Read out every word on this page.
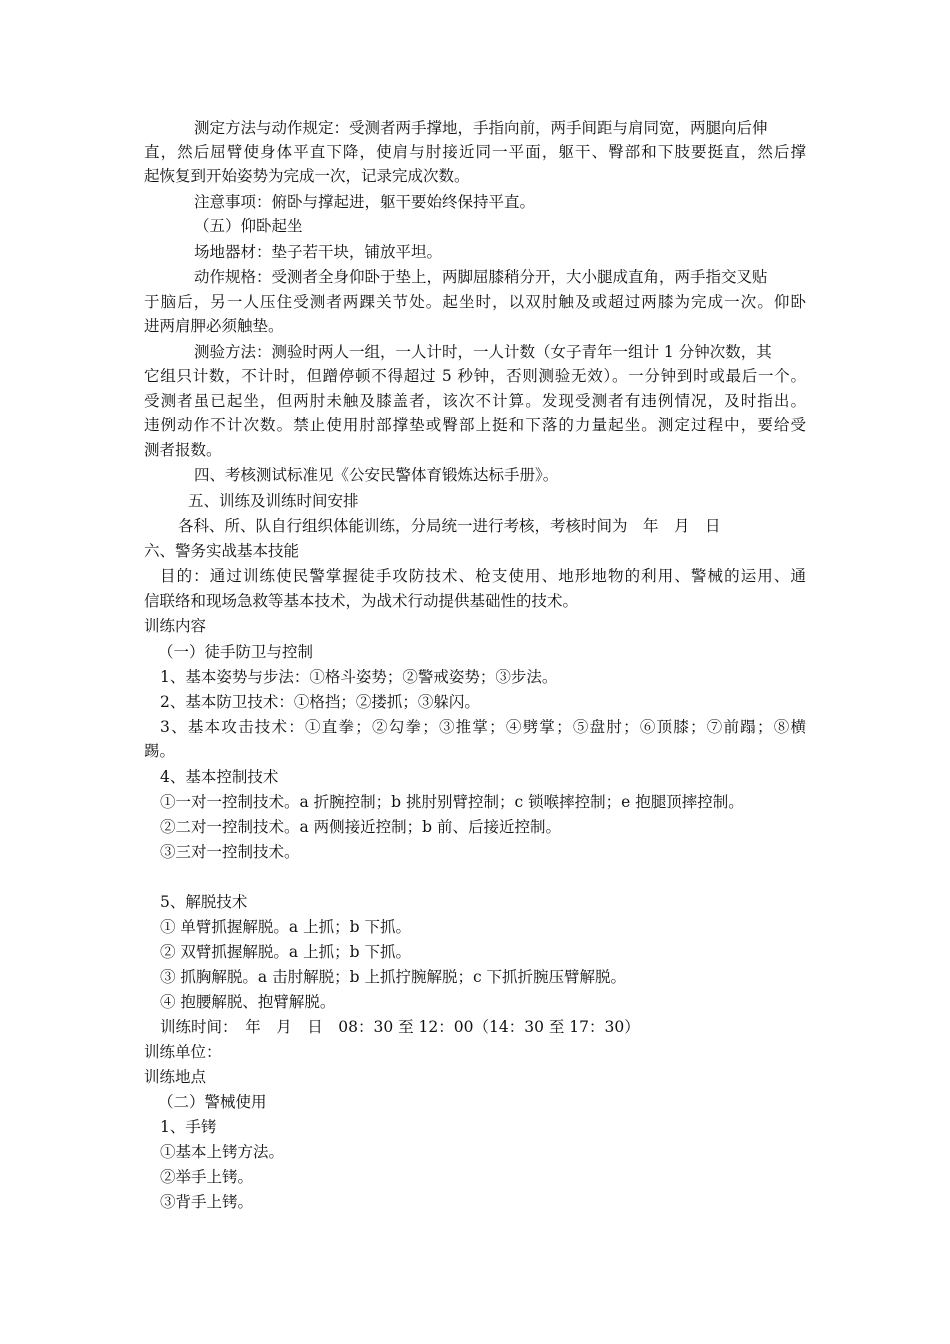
测定方法与动作规定：受测者两手撑地，手指向前，两手间距与肩同宽，两腿向后伸
直，然后屈臂使身体平直下降，使肩与肘接近同一平面，躯干、臀部和下肢要挺直，然后撑
起恢复到开始姿势为完成一次，记录完成次数。
注意事项：俯卧与撑起进，躯干要始终保持平直。
（五）仰卧起坐
场地器材：垫子若干块，铺放平坦。
动作规格：受测者全身仰卧于垫上，两脚屈膝稍分开，大小腿成直角，两手指交叉贴
于脑后，另一人压住受测者两踝关节处。起坐时，以双肘触及或超过两膝为完成一次。仰卧
进两肩胛必须触垫。
测验方法：测验时两人一组，一人计时，一人计数（女子青年一组计 1 分钟次数，其
它组只计数，不计时，但蹭停顿不得超过 5 秒钟，否则测验无效）。一分钟到时或最后一个。
受测者虽已起坐，但两肘未触及膝盖者，该次不计算。发现受测者有违例情况，及时指出。
违例动作不计次数。禁止使用肘部撑垫或臀部上挺和下落的力量起坐。测定过程中，要给受
测者报数。
四、考核测试标准见《公安民警体育锻炼达标手册》。
五、训练及训练时间安排
各科、所、队自行组织体能训练，分局统一进行考核，考核时间为　年　月　日
六、警务实战基本技能
目的：通过训练使民警掌握徒手攻防技术、枪支使用、地形地物的利用、警械的运用、通
信联络和现场急救等基本技术，为战术行动提供基础性的技术。
训练内容
（一）徒手防卫与控制
1、基本姿势与步法：①格斗姿势；②警戒姿势；③步法。
2、基本防卫技术：①格挡；②搂抓；③躲闪。
3、基本攻击技术：①直拳；②勾拳；③推掌；④劈掌；⑤盘肘；⑥顶膝；⑦前蹋；⑧横
踢。
4、基本控制技术
①一对一控制技术。a 折腕控制；b 挑肘别臂控制；c 锁喉摔控制；e 抱腿顶摔控制。
②二对一控制技术。a 两侧接近控制；b 前、后接近控制。
③三对一控制技术。
5、解脱技术
① 单臂抓握解脱。a 上抓；b 下抓。
② 双臂抓握解脱。a 上抓；b 下抓。
③ 抓胸解脱。a 击肘解脱；b 上抓拧腕解脱；c 下抓折腕压臂解脱。
④ 抱腰解脱、抱臂解脱。
训练时间：　年　月　日　08：30 至 12：00（14：30 至 17：30）
训练单位：
训练地点
（二）警械使用
1、手铐
①基本上铐方法。
②举手上铐。
③背手上铐。
